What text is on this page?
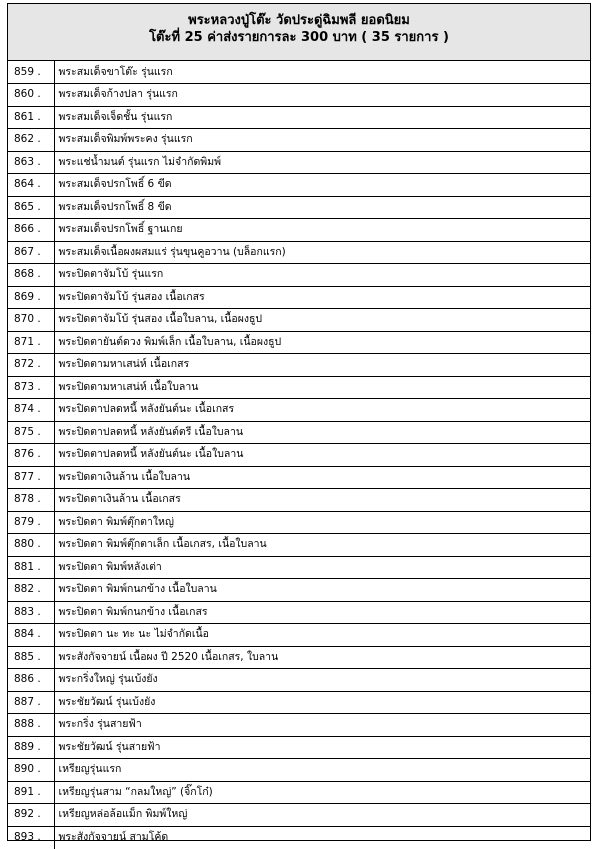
พระหลวงปู่โต๊ะ วัดประดู่ฉิมพลี ยอดนิยม
โต๊ะที่ 25 ค่าส่งรายการละ 300 บาท ( 35 รายการ )
859 .	พระสมเด็จขาโต๊ะ รุ่นแรก
860 .	พระสมเด็จก้างปลา รุ่นแรก
861 .	พระสมเด็จเจ็ดชั้น รุ่นแรก
862 .	พระสมเด็จพิมพ์พระคง รุ่นแรก
863 .	พระแช่น้ำมนต์ รุ่นแรก ไม่จำกัดพิมพ์
864 .	พระสมเด็จปรกโพธิ์ 6 ขีด
865 .	พระสมเด็จปรกโพธิ์ 8 ขีด
866 .	พระสมเด็จปรกโพธิ์ ฐานเกย
867 .	พระสมเด็จเนื้อผงผสมแร่ รุ่นขุนคูอวาน (บล็อกแรก)
868 .	พระปิดตาจัมโบ้ รุ่นแรก
869 .	พระปิดตาจัมโบ้ รุ่นสอง เนื้อเกสร
870 .	พระปิดตาจัมโบ้ รุ่นสอง เนื้อใบลาน, เนื้อผงธูป
871 .	พระปิดตายันต์ดวง พิมพ์เล็ก เนื้อใบลาน, เนื้อผงธูป
872 .	พระปิดตามหาเสน่ห์ เนื้อเกสร
873 .	พระปิดตามหาเสน่ห์ เนื้อใบลาน
874 .	พระปิดตาปลดหนี้ หลังยันต์นะ เนื้อเกสร
875 .	พระปิดตาปลดหนี้ หลังยันต์ตรี เนื้อใบลาน
876 .	พระปิดตาปลดหนี้ หลังยันต์นะ เนื้อใบลาน
877 .	พระปิดตาเงินล้าน เนื้อใบลาน
878 .	พระปิดตาเงินล้าน เนื้อเกสร
879 .	พระปิดตา พิมพ์ตุ๊กตาใหญ่
880 .	พระปิดตา พิมพ์ตุ๊กตาเล็ก เนื้อเกสร, เนื้อใบลาน
881 .	พระปิดตา พิมพ์หลังเต่า
882 .	พระปิดตา พิมพ์กนกข้าง เนื้อใบลาน
883 .	พระปิดตา พิมพ์กนกข้าง เนื้อเกสร
884 .	พระปิดตา นะ ทะ นะ ไม่จำกัดเนื้อ
885 .	พระสังกัจจายน์ เนื้อผง ปี 2520 เนื้อเกสร, ใบลาน
886 .	พระกริ่งใหญ่ รุ่นเบ้งยัง
887 .	พระชัยวัฒน์ รุ่นเบ้งยัง
888 .	พระกริ่ง รุ่นสายฟ้า
889 .	พระชัยวัฒน์ รุ่นสายฟ้า
890 .	เหรียญรุ่นแรก
891 .	เหรียญรุ่นสาม “กลมใหญ่” (จิ๊กโก๋)
892 .	เหรียญหล่อล้อแม็ก พิมพ์ใหญ่
893 .	พระสังกัจจายน์ สามโค้ด
